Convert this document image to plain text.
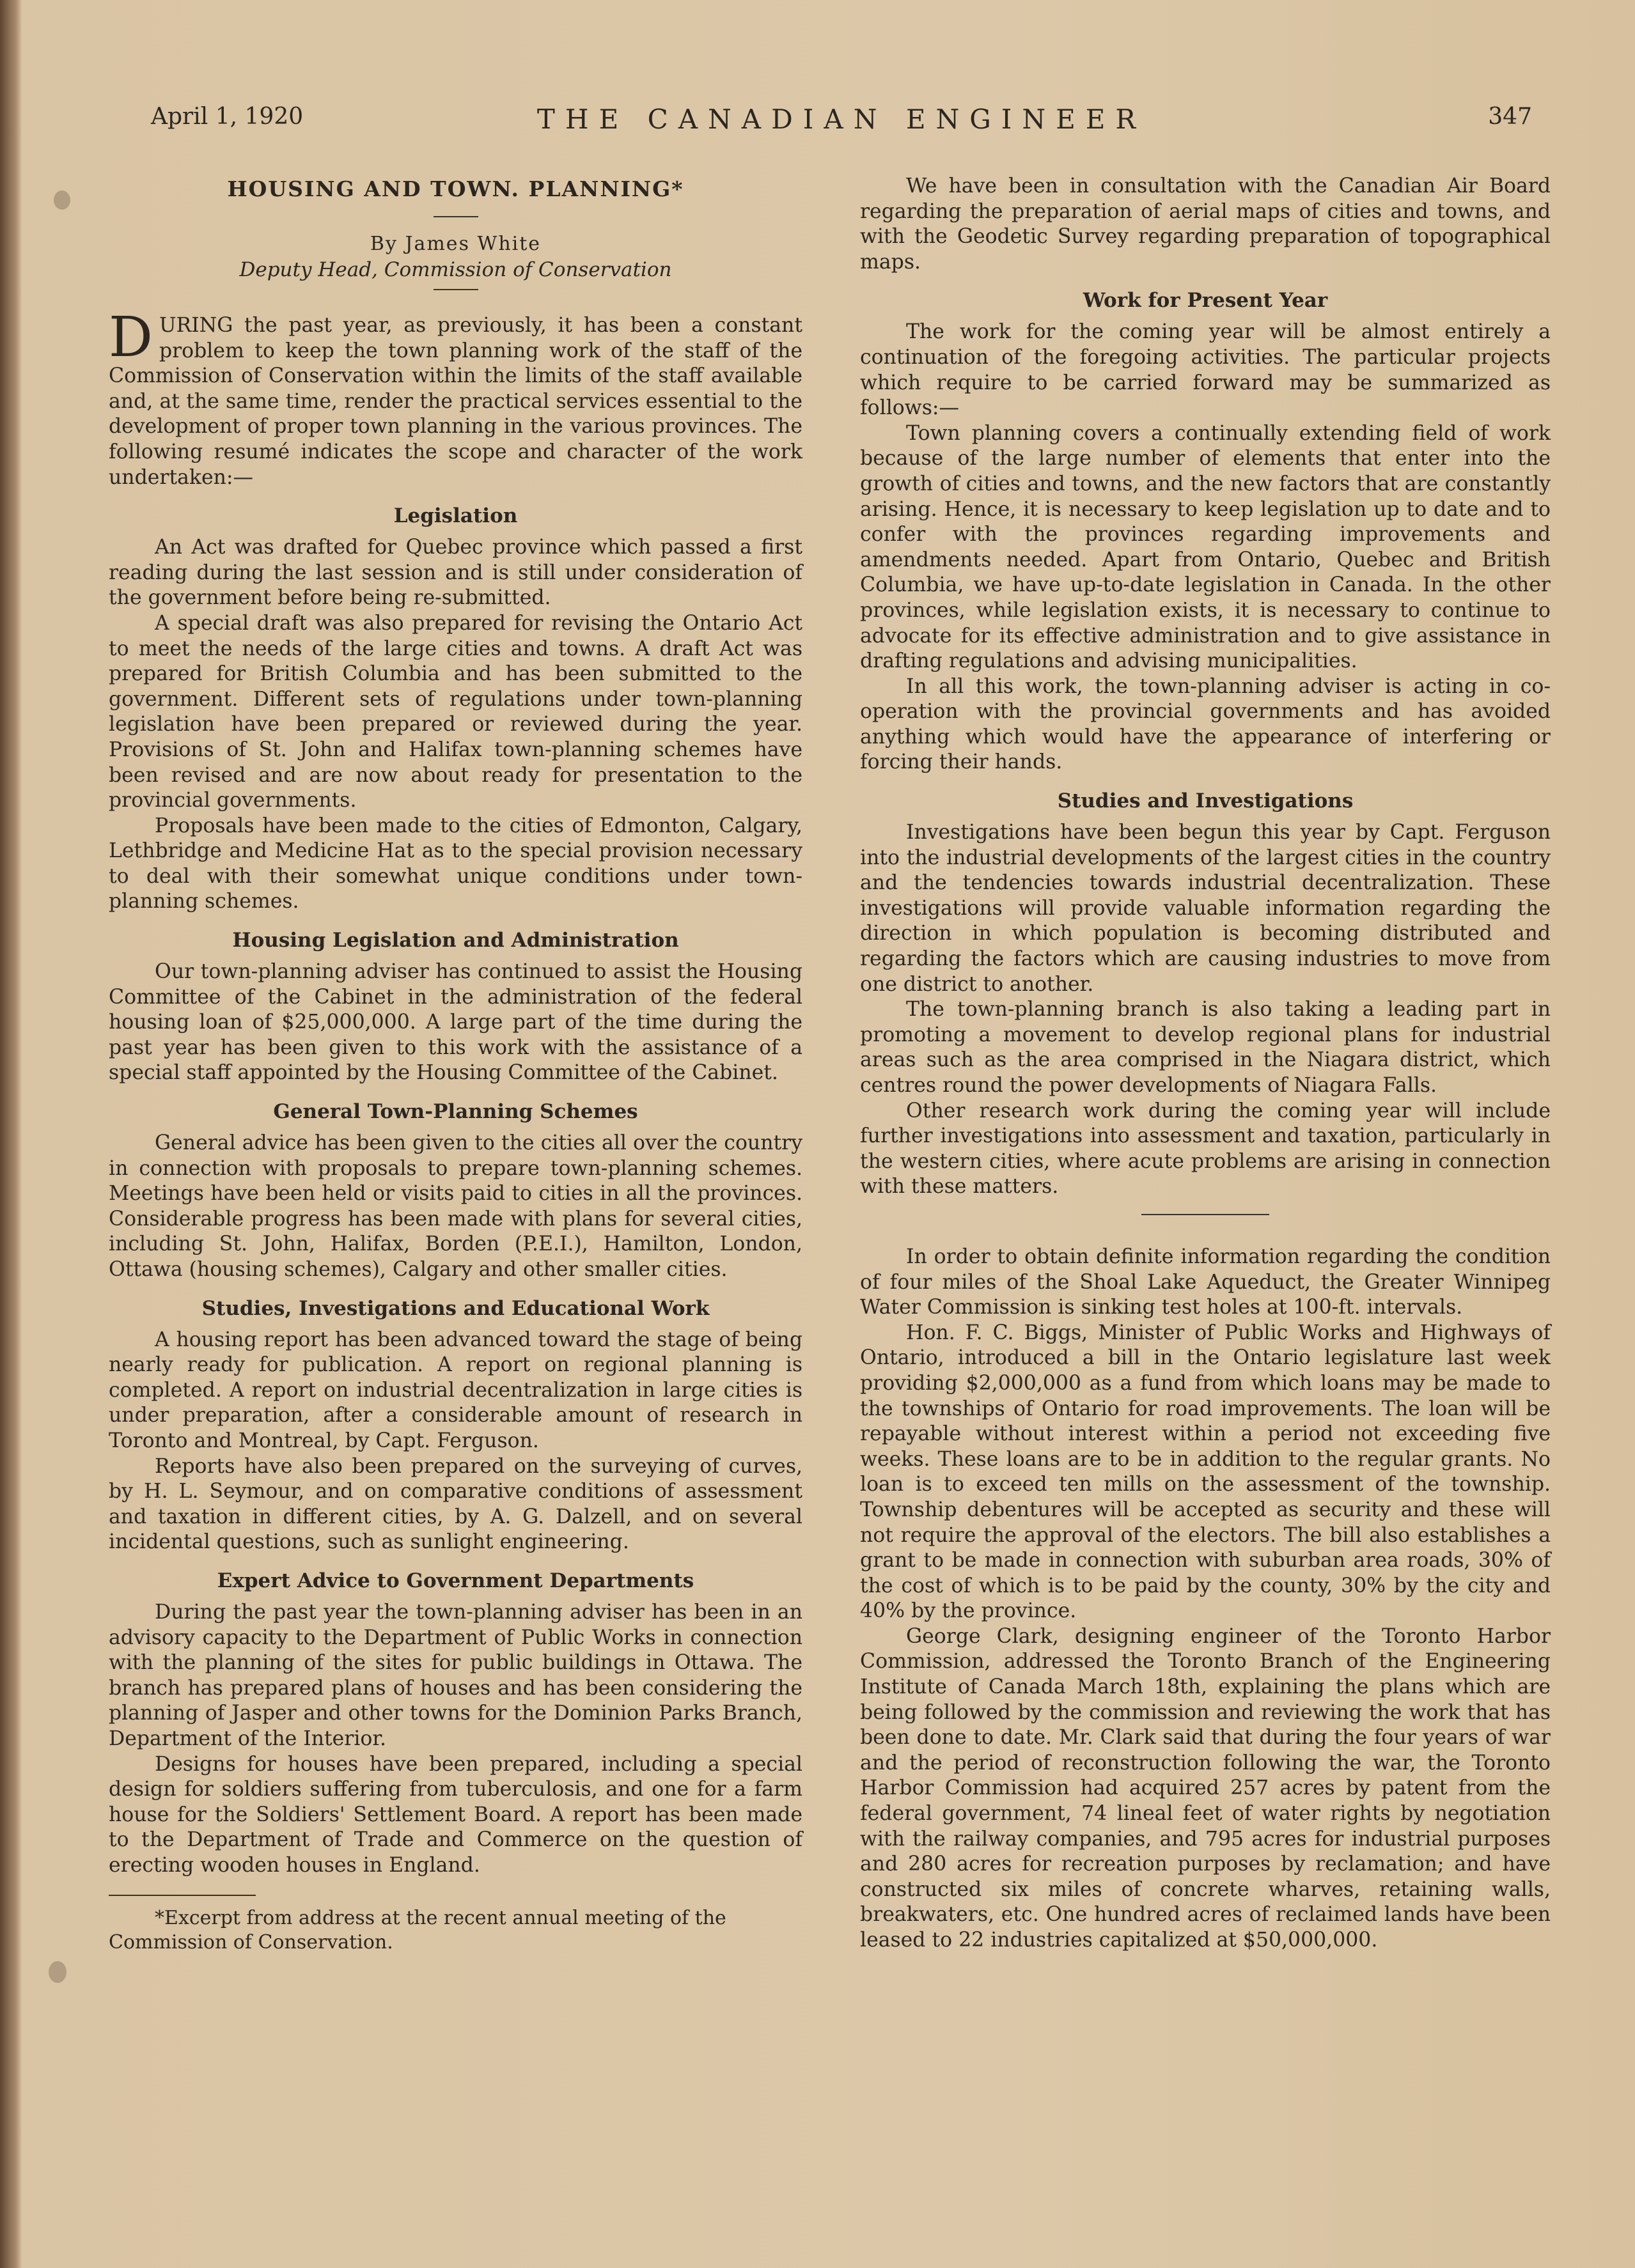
April 1, 1920	THE CANADIAN ENGINEER	347
HOUSING AND TOWN. PLANNING*
By James White
Deputy Head, Commission of Conservation

DURING the past year, as previously, it has been a constant problem to keep the town planning work of the staff of the Commission of Conservation within the limits of the staff available and, at the same time, render the practical services essential to the development of proper town planning in the various provinces. The following resumé indicates the scope and character of the work undertaken:—

Legislation

An Act was drafted for Quebec province which passed a first reading during the last session and is still under consideration of the government before being re-submitted.

A special draft was also prepared for revising the Ontario Act to meet the needs of the large cities and towns. A draft Act was prepared for British Columbia and has been submitted to the government. Different sets of regulations under town-planning legislation have been prepared or reviewed during the year. Provisions of St. John and Halifax town-planning schemes have been revised and are now about ready for presentation to the provincial governments.

Proposals have been made to the cities of Edmonton, Calgary, Lethbridge and Medicine Hat as to the special provision necessary to deal with their somewhat unique conditions under town-planning schemes.

Housing Legislation and Administration

Our town-planning adviser has continued to assist the Housing Committee of the Cabinet in the administration of the federal housing loan of $25,000,000. A large part of the time during the past year has been given to this work with the assistance of a special staff appointed by the Housing Committee of the Cabinet.

General Town-Planning Schemes

General advice has been given to the cities all over the country in connection with proposals to prepare town-planning schemes. Meetings have been held or visits paid to cities in all the provinces. Considerable progress has been made with plans for several cities, including St. John, Halifax, Borden (P.E.I.), Hamilton, London, Ottawa (housing schemes), Calgary and other smaller cities.

Studies, Investigations and Educational Work

A housing report has been advanced toward the stage of being nearly ready for publication. A report on regional planning is completed. A report on industrial decentralization in large cities is under preparation, after a considerable amount of research in Toronto and Montreal, by Capt. Ferguson.

Reports have also been prepared on the surveying of curves, by H. L. Seymour, and on comparative conditions of assessment and taxation in different cities, by A. G. Dalzell, and on several incidental questions, such as sunlight engineering.

Expert Advice to Government Departments

During the past year the town-planning adviser has been in an advisory capacity to the Department of Public Works in connection with the planning of the sites for public buildings in Ottawa. The branch has prepared plans of houses and has been considering the planning of Jasper and other towns for the Dominion Parks Branch, Department of the Interior.

Designs for houses have been prepared, including a special design for soldiers suffering from tuberculosis, and one for a farm house for the Soldiers' Settlement Board. A report has been made to the Department of Trade and Commerce on the question of erecting wooden houses in England.

*Excerpt from address at the recent annual meeting of the Commission of Conservation.

We have been in consultation with the Canadian Air Board regarding the preparation of aerial maps of cities and towns, and with the Geodetic Survey regarding preparation of topographical maps.

Work for Present Year

The work for the coming year will be almost entirely a continuation of the foregoing activities. The particular projects which require to be carried forward may be summarized as follows:—

Town planning covers a continually extending field of work because of the large number of elements that enter into the growth of cities and towns, and the new factors that are constantly arising. Hence, it is necessary to keep legislation up to date and to confer with the provinces regarding improvements and amendments needed. Apart from Ontario, Quebec and British Columbia, we have up-to-date legislation in Canada. In the other provinces, while legislation exists, it is necessary to continue to advocate for its effective administration and to give assistance in drafting regulations and advising municipalities.

In all this work, the town-planning adviser is acting in co-operation with the provincial governments and has avoided anything which would have the appearance of interfering or forcing their hands.

Studies and Investigations

Investigations have been begun this year by Capt. Ferguson into the industrial developments of the largest cities in the country and the tendencies towards industrial decentralization. These investigations will provide valuable information regarding the direction in which population is becoming distributed and regarding the factors which are causing industries to move from one district to another.

The town-planning branch is also taking a leading part in promoting a movement to develop regional plans for industrial areas such as the area comprised in the Niagara district, which centres round the power developments of Niagara Falls.

Other research work during the coming year will include further investigations into assessment and taxation, particularly in the western cities, where acute problems are arising in connection with these matters.

In order to obtain definite information regarding the condition of four miles of the Shoal Lake Aqueduct, the Greater Winnipeg Water Commission is sinking test holes at 100-ft. intervals.

Hon. F. C. Biggs, Minister of Public Works and Highways of Ontario, introduced a bill in the Ontario legislature last week providing $2,000,000 as a fund from which loans may be made to the townships of Ontario for road improvements. The loan will be repayable without interest within a period not exceeding five weeks. These loans are to be in addition to the regular grants. No loan is to exceed ten mills on the assessment of the township. Township debentures will be accepted as security and these will not require the approval of the electors. The bill also establishes a grant to be made in connection with suburban area roads, 30% of the cost of which is to be paid by the county, 30% by the city and 40% by the province.

George Clark, designing engineer of the Toronto Harbor Commission, addressed the Toronto Branch of the Engineering Institute of Canada March 18th, explaining the plans which are being followed by the commission and reviewing the work that has been done to date. Mr. Clark said that during the four years of war and the period of reconstruction following the war, the Toronto Harbor Commission had acquired 257 acres by patent from the federal government, 74 lineal feet of water rights by negotiation with the railway companies, and 795 acres for industrial purposes and 280 acres for recreation purposes by reclamation; and have constructed six miles of concrete wharves, retaining walls, breakwaters, etc. One hundred acres of reclaimed lands have been leased to 22 industries capitalized at $50,000,000.
